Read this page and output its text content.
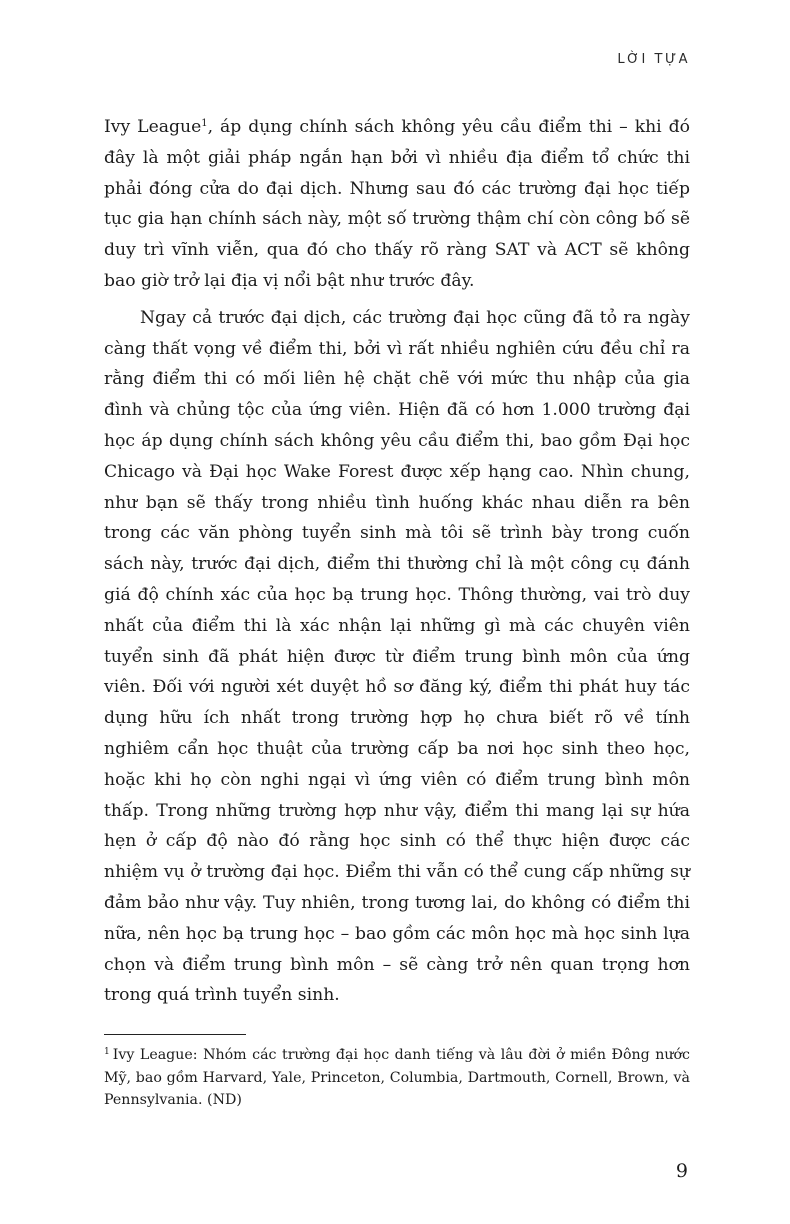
LỜI TỰA

Ivy League$^1$, áp dụng chính sách không yêu cầu điểm thi – khi đó đây là một giải pháp ngắn hạn bởi vì nhiều địa điểm tổ chức thi phải đóng cửa do đại dịch. Nhưng sau đó các trường đại học tiếp tục gia hạn chính sách này, một số trường thậm chí còn công bố sẽ duy trì vĩnh viễn, qua đó cho thấy rõ ràng SAT và ACT sẽ không bao giờ trở lại địa vị nổi bật như trước đây.

Ngay cả trước đại dịch, các trường đại học cũng đã tỏ ra ngày càng thất vọng về điểm thi, bởi vì rất nhiều nghiên cứu đều chỉ ra rằng điểm thi có mối liên hệ chặt chẽ với mức thu nhập của gia đình và chủng tộc của ứng viên. Hiện đã có hơn 1.000 trường đại học áp dụng chính sách không yêu cầu điểm thi, bao gồm Đại học Chicago và Đại học Wake Forest được xếp hạng cao. Nhìn chung, như bạn sẽ thấy trong nhiều tình huống khác nhau diễn ra bên trong các văn phòng tuyển sinh mà tôi sẽ trình bày trong cuốn sách này, trước đại dịch, điểm thi thường chỉ là một công cụ đánh giá độ chính xác của học bạ trung học. Thông thường, vai trò duy nhất của điểm thi là xác nhận lại những gì mà các chuyên viên tuyển sinh đã phát hiện được từ điểm trung bình môn của ứng viên. Đối với người xét duyệt hồ sơ đăng ký, điểm thi phát huy tác dụng hữu ích nhất trong trường hợp họ chưa biết rõ về tính nghiêm cẩn học thuật của trường cấp ba nơi học sinh theo học, hoặc khi họ còn nghi ngại vì ứng viên có điểm trung bình môn thấp. Trong những trường hợp như vậy, điểm thi mang lại sự hứa hẹn ở cấp độ nào đó rằng học sinh có thể thực hiện được các nhiệm vụ ở trường đại học. Điểm thi vẫn có thể cung cấp những sự đảm bảo như vậy. Tuy nhiên, trong tương lai, do không có điểm thi nữa, nên học bạ trung học – bao gồm các môn học mà học sinh lựa chọn và điểm trung bình môn – sẽ càng trở nên quan trọng hơn trong quá trình tuyển sinh.

$^1$ Ivy League: Nhóm các trường đại học danh tiếng và lâu đời ở miền Đông nước Mỹ, bao gồm Harvard, Yale, Princeton, Columbia, Dartmouth, Cornell, Brown, và Pennsylvania. (ND)

9
